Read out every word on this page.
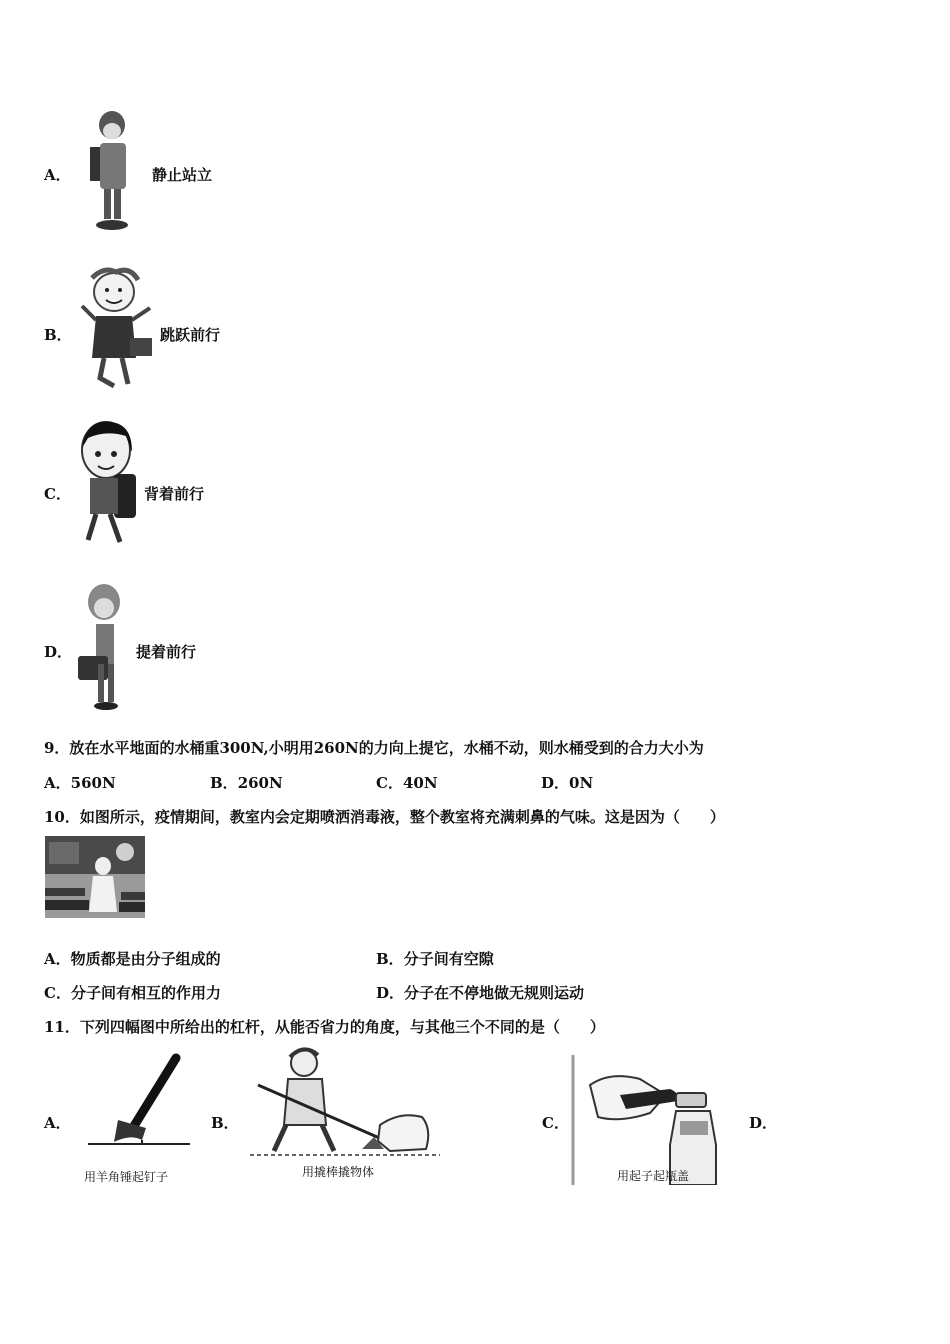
A．	静止站立
B．	跳跃前行
C．	背着前行
D．	提着前行
9．放在水平地面的水桶重300N,小明用260N的力向上提它，水桶不动，则水桶受到的合力大小为
A．560N	B．260N	C．40N	D．0N
10．如图所示，疫情期间，教室内会定期喷洒消毒液，整个教室将充满刺鼻的气味。这是因为（　　）
A．物质都是由分子组成的	B．分子间有空隙
C．分子间有相互的作用力	D．分子在不停地做无规则运动
11．下列四幅图中所给出的杠杆，从能否省力的角度，与其他三个不同的是（　　）
A．
用羊角锤起钉子
B．
用撬棒撬物体
C．
用起子起瓶盖
D．
